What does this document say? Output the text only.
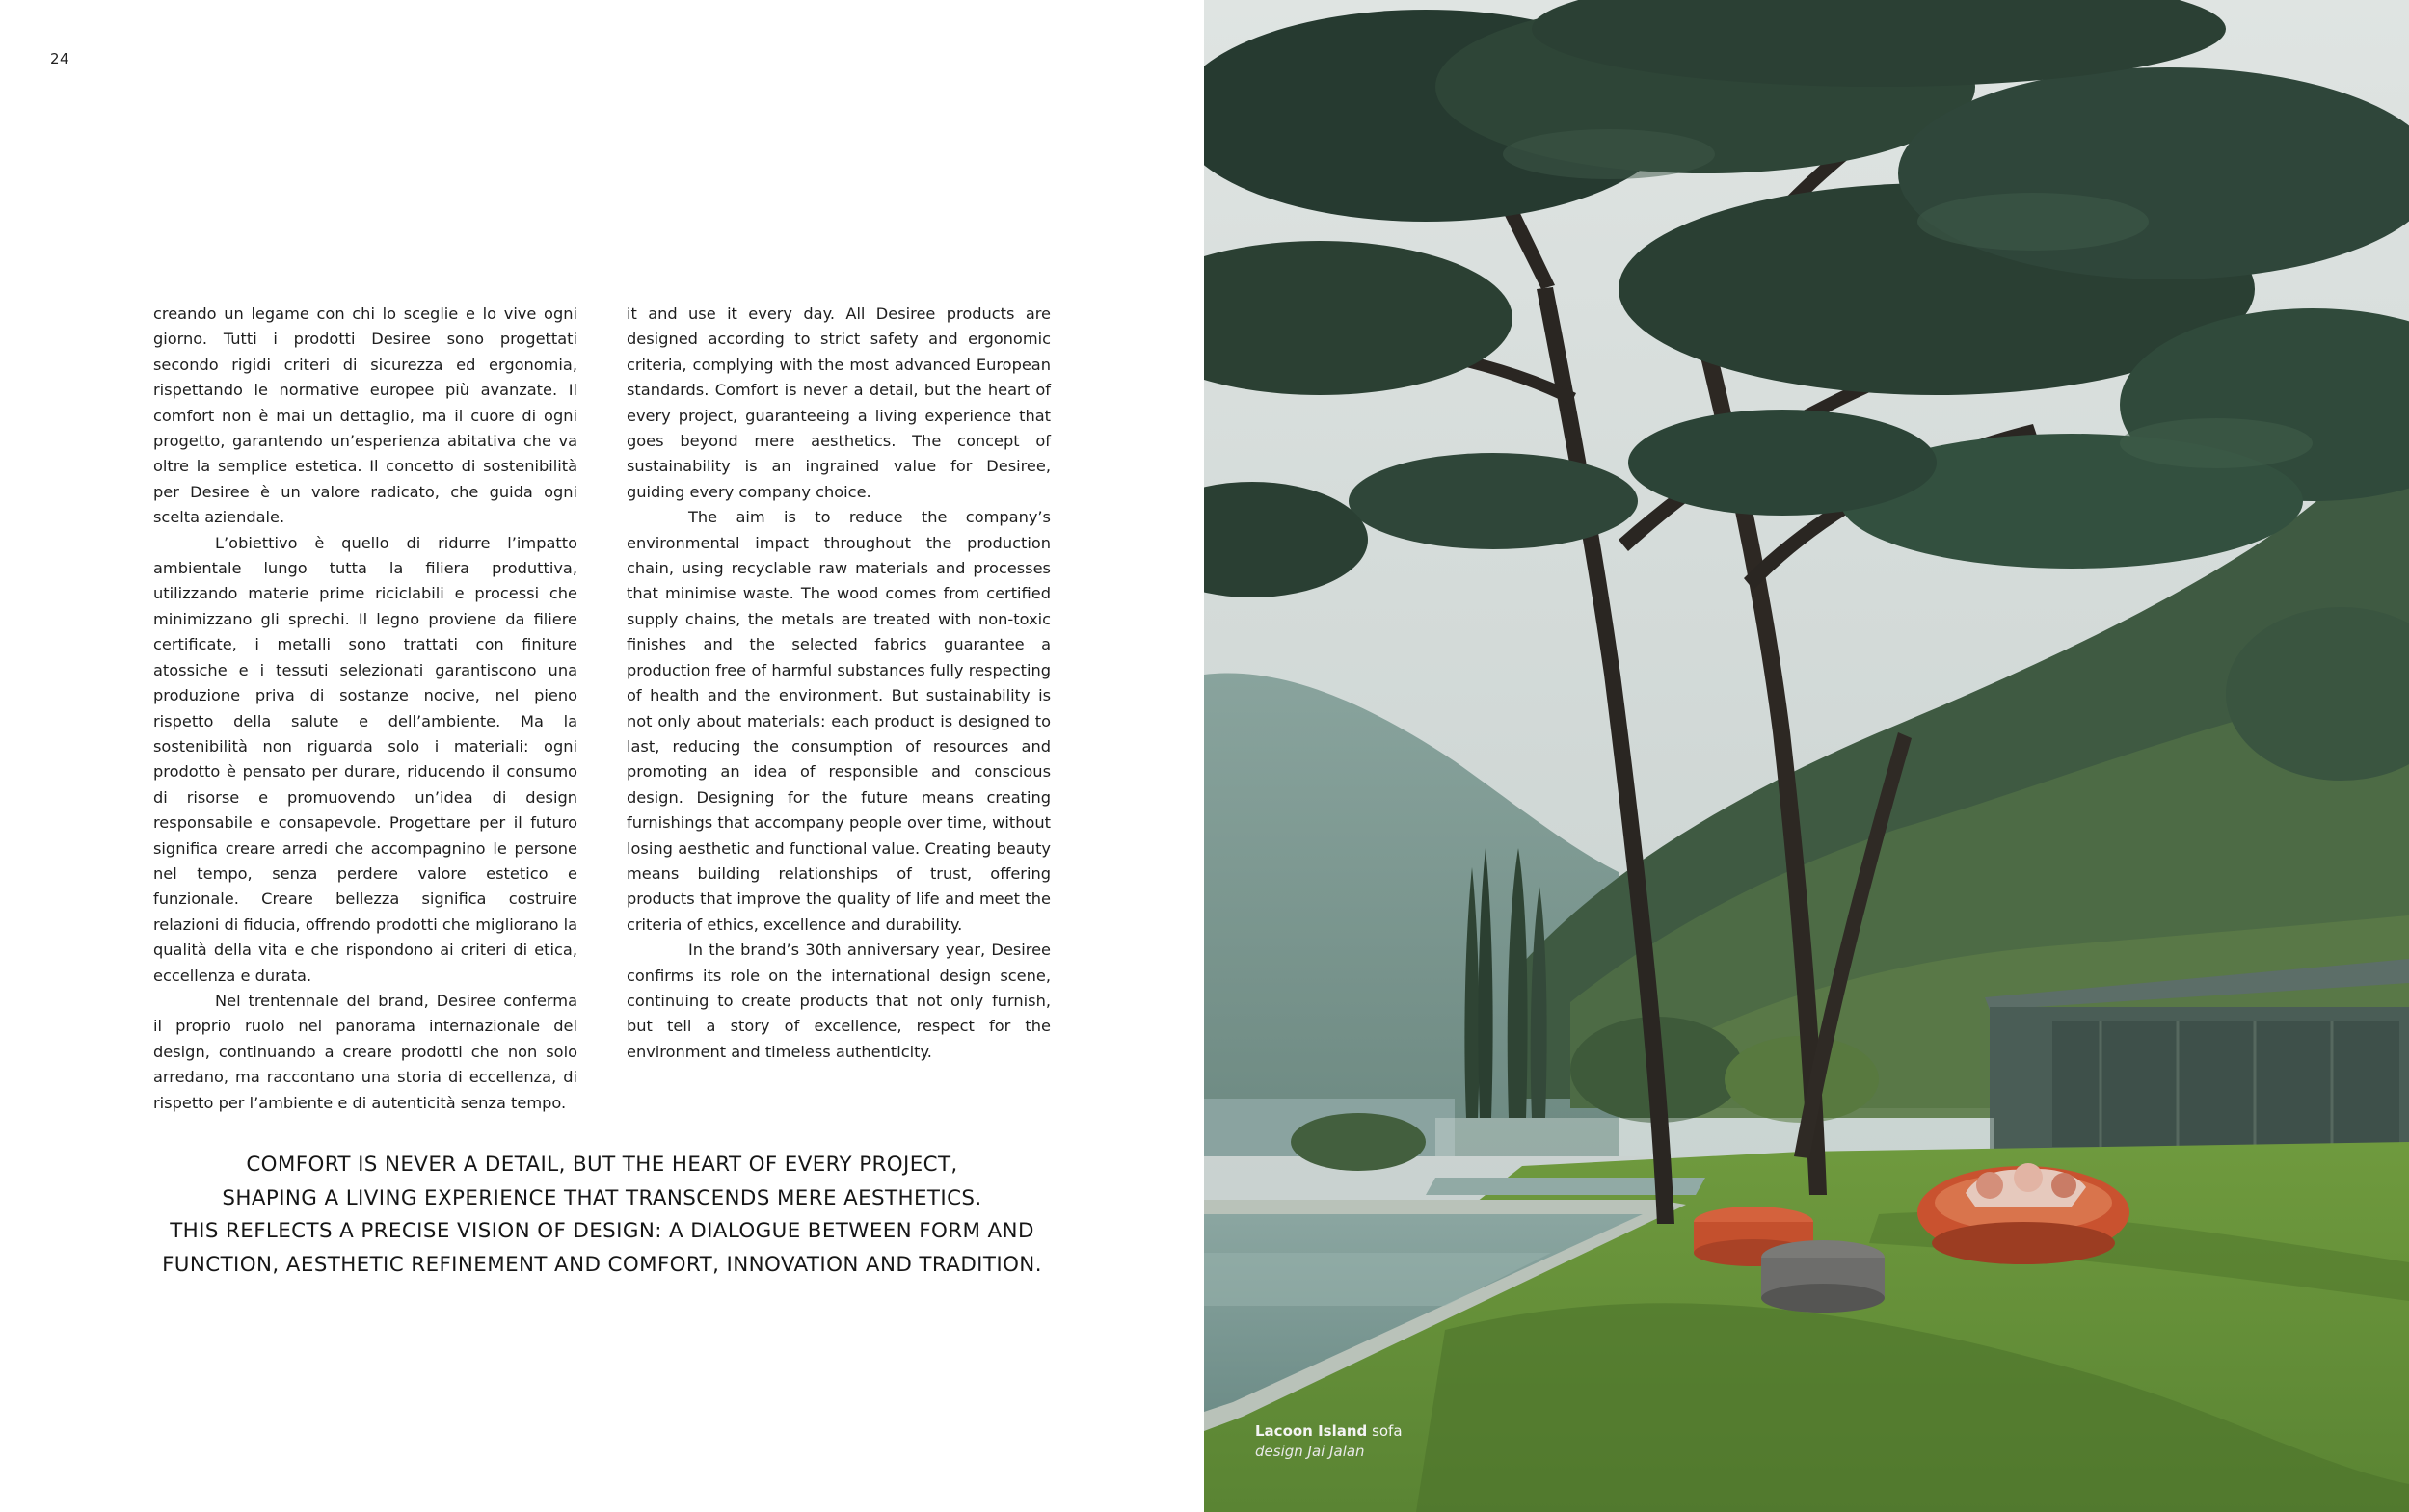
24

creando un legame con chi lo sceglie e lo vive ogni giorno. Tutti i prodotti Desiree sono progettati secondo rigidi criteri di sicurezza ed ergonomia, rispettando le normative europee più avanzate. Il comfort non è mai un dettaglio, ma il cuore di ogni progetto, garantendo un’esperienza abitativa che va oltre la semplice estetica. Il concetto di sostenibilità per Desiree è un valore radicato, che guida ogni scelta aziendale.

L’obiettivo è quello di ridurre l’impatto ambientale lungo tutta la filiera produttiva, utilizzando materie prime riciclabili e processi che minimizzano gli sprechi. Il legno proviene da filiere certificate, i metalli sono trattati con finiture atossiche e i tessuti selezionati garantiscono una produzione priva di sostanze nocive, nel pieno rispetto della salute e dell’ambiente. Ma la sostenibilità non riguarda solo i materiali: ogni prodotto è pensato per durare, riducendo il consumo di risorse e promuovendo un’idea di design responsabile e consapevole. Progettare per il futuro significa creare arredi che accompagnino le persone nel tempo, senza perdere valore estetico e funzionale. Creare bellezza significa costruire relazioni di fiducia, offrendo prodotti che migliorano la qualità della vita e che rispondono ai criteri di etica, eccellenza e durata.

Nel trentennale del brand, Desiree conferma il proprio ruolo nel panorama internazionale del design, continuando a creare prodotti che non solo arredano, ma raccontano una storia di eccellenza, di rispetto per l’ambiente e di autenticità senza tempo.

it and use it every day. All Desiree products are designed according to strict safety and ergonomic criteria, complying with the most advanced European standards. Comfort is never a detail, but the heart of every project, guaranteeing a living experience that goes beyond mere aesthetics. The concept of sustainability is an ingrained value for Desiree, guiding every company choice.

The aim is to reduce the company’s environmental impact throughout the production chain, using recyclable raw materials and processes that minimise waste. The wood comes from certified supply chains, the metals are treated with non-toxic finishes and the selected fabrics guarantee a production free of harmful substances fully respecting of health and the environment. But sustainability is not only about materials: each product is designed to last, reducing the consumption of resources and promoting an idea of responsible and conscious design. Designing for the future means creating furnishings that accompany people over time, without losing aesthetic and functional value. Creating beauty means building relationships of trust, offering products that improve the quality of life and meet the criteria of ethics, excellence and durability.

In the brand’s 30th anniversary year, Desiree confirms its role on the international design scene, continuing to create products that not only furnish, but tell a story of excellence, respect for the environment and timeless authenticity.

COMFORT IS NEVER A DETAIL, BUT THE HEART OF EVERY PROJECT,
SHAPING A LIVING EXPERIENCE THAT TRANSCENDS MERE AESTHETICS.
THIS REFLECTS A PRECISE VISION OF DESIGN: A DIALOGUE BETWEEN FORM AND
FUNCTION, AESTHETIC REFINEMENT AND COMFORT, INNOVATION AND TRADITION.
Lacoon Island sofa
design Jai Jalan
